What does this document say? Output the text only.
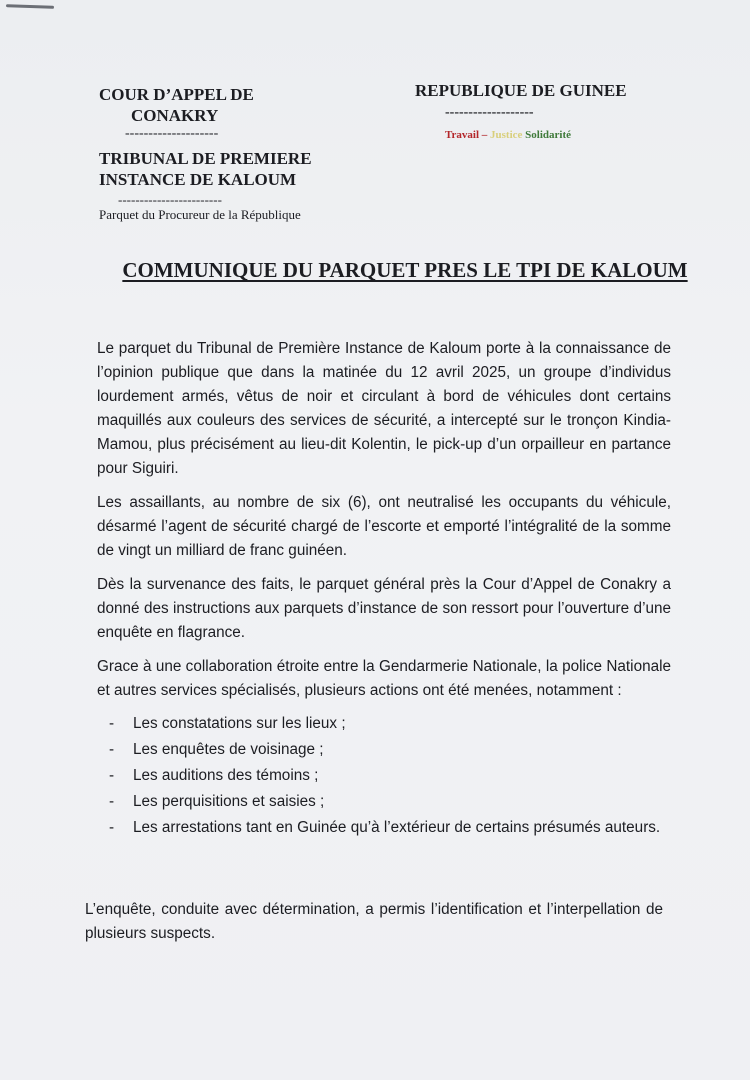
COUR D’APPEL DE
CONAKRY
--------------------
TRIBUNAL DE PREMIERE
INSTANCE DE KALOUM
------------------------
Parquet du Procureur de la République
REPUBLIQUE DE GUINEE
-------------------
Travail – Justice Solidarité
COMMUNIQUE DU PARQUET PRES LE TPI DE KALOUM

Le parquet du Tribunal de Première Instance de Kaloum porte à la connaissance de l’opinion publique que dans la matinée du 12 avril 2025, un groupe d’individus lourdement armés, vêtus de noir et circulant à bord de véhicules dont certains maquillés aux couleurs des services de sécurité, a intercepté sur le tronçon Kindia-Mamou, plus précisément au lieu-dit Kolentin, le pick-up d’un orpailleur en partance pour Siguiri.

Les assaillants, au nombre de six (6), ont neutralisé les occupants du véhicule, désarmé l’agent de sécurité chargé de l’escorte et emporté l’intégralité de la somme de vingt un milliard de franc guinéen.

Dès la survenance des faits, le parquet général près la Cour d’Appel de Conakry a donné des instructions aux parquets d’instance de son ressort pour l’ouverture d’une enquête en flagrance.

Grace à une collaboration étroite entre la Gendarmerie Nationale, la police Nationale et autres services spécialisés, plusieurs actions ont été menées, notamment :

- Les constatations sur les lieux ;
- Les enquêtes de voisinage ;
- Les auditions des témoins ;
- Les perquisitions et saisies ;
- Les arrestations tant en Guinée qu’à l’extérieur de certains présumés auteurs.
L’enquête, conduite avec détermination, a permis l’identification et l’interpellation de plusieurs suspects.
